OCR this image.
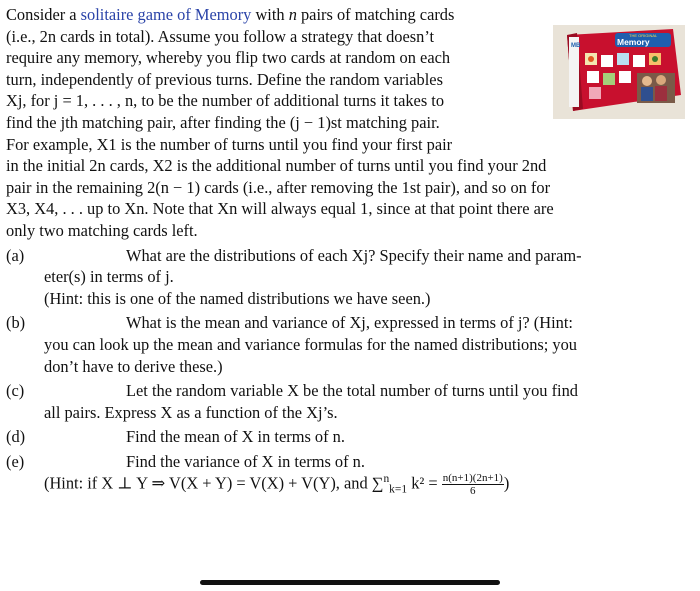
Consider a solitaire game of Memory with n pairs of matching cards
(i.e., 2n cards in total). Assume you follow a strategy that doesn’t
require any memory, whereby you flip two cards at random on each
turn, independently of previous turns. Define the random variables
Xj, for j = 1, . . . , n, to be the number of additional turns it takes to
find the jth matching pair, after finding the (j − 1)st matching pair.
For example, X1 is the number of turns until you find your first pair
in the initial 2n cards, X2 is the additional number of turns until you find your 2nd
pair in the remaining 2(n − 1) cards (i.e., after removing the 1st pair), and so on for
X3, X4, . . . up to Xn. Note that Xn will always equal 1, since at that point there are
only two matching cards left.
(a)	What are the distributions of each Xj? Specify their name and param-
eter(s) in terms of j.
(Hint: this is one of the named distributions we have seen.)
(b)	What is the mean and variance of Xj, expressed in terms of j? (Hint:
you can look up the mean and variance formulas for the named distributions; you
don’t have to derive these.)
(c)	Let the random variable X be the total number of turns until you find
all pairs. Express X as a function of the Xj’s.
(d)	Find the mean of X in terms of n.
(e)	Find the variance of X in terms of n.
(Hint: if X ⊥ Y ⇒ V(X + Y) = V(X) + V(Y), and ∑$^n_{k=1}$ $k^2 = \frac{n(n+1)(2n+1)}{6}$ )
MB
THE ORIGINAL
Memory
